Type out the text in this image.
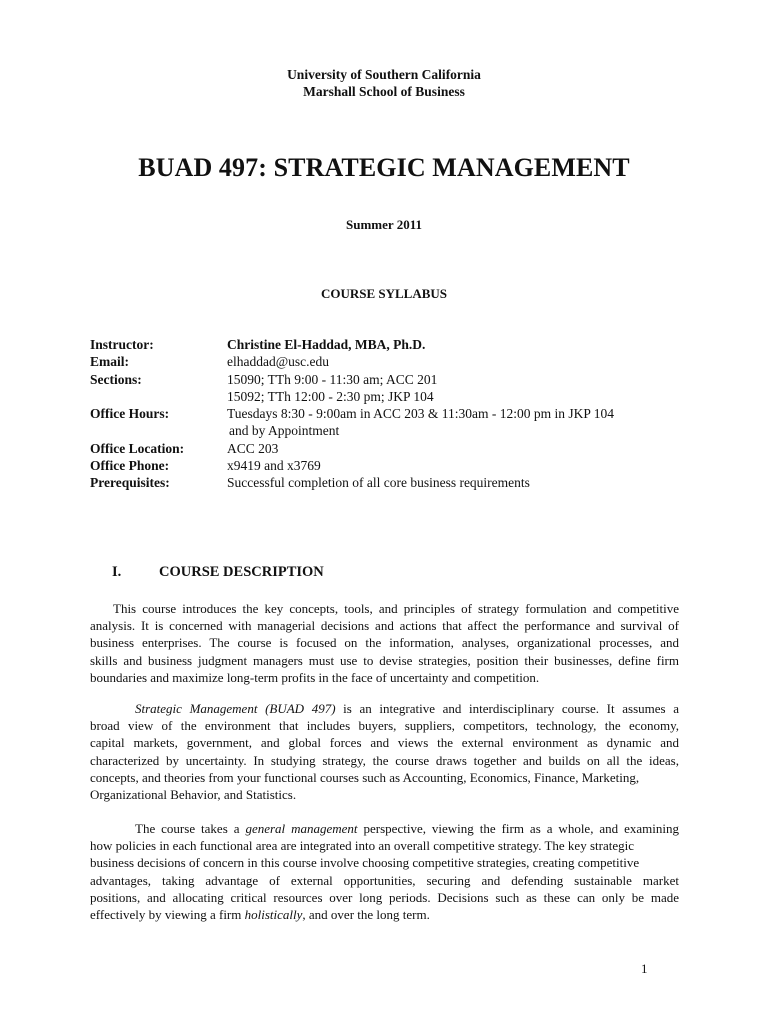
University of Southern California
Marshall School of Business
BUAD 497: STRATEGIC MANAGEMENT
Summer 2011
COURSE SYLLABUS
Instructor:	Christine El-Haddad, MBA, Ph.D.
Email:	elhaddad@usc.edu
Sections:	15090; TTh 9:00 - 11:30 am; ACC 201
15092; TTh 12:00 - 2:30 pm; JKP 104
Office Hours:	Tuesdays 8:30 - 9:00am in ACC 203 & 11:30am - 12:00 pm in JKP 104
and by Appointment
Office Location:	ACC 203
Office Phone:	x9419 and x3769
Prerequisites:	Successful completion of all core business requirements
I.	COURSE DESCRIPTION
This course introduces the key concepts, tools, and principles of strategy formulation and competitive
analysis. It is concerned with managerial decisions and actions that affect the performance and survival of
business enterprises. The course is focused on the information, analyses, organizational processes, and
skills and business judgment managers must use to devise strategies, position their businesses, define firm
boundaries and maximize long-term profits in the face of uncertainty and competition.
Strategic Management (BUAD 497) is an integrative and interdisciplinary course. It assumes a
broad view of the environment that includes buyers, suppliers, competitors, technology, the economy,
capital markets, government, and global forces and views the external environment as dynamic and
characterized by uncertainty. In studying strategy, the course draws together and builds on all the ideas,
concepts, and theories from your functional courses such as Accounting, Economics, Finance, Marketing,
Organizational Behavior, and Statistics.
The course takes a general management perspective, viewing the firm as a whole, and examining
how policies in each functional area are integrated into an overall competitive strategy. The key strategic
business decisions of concern in this course involve choosing competitive strategies, creating competitive
advantages, taking advantage of external opportunities, securing and defending sustainable market
positions, and allocating critical resources over long periods. Decisions such as these can only be made
effectively by viewing a firm holistically, and over the long term.
1
